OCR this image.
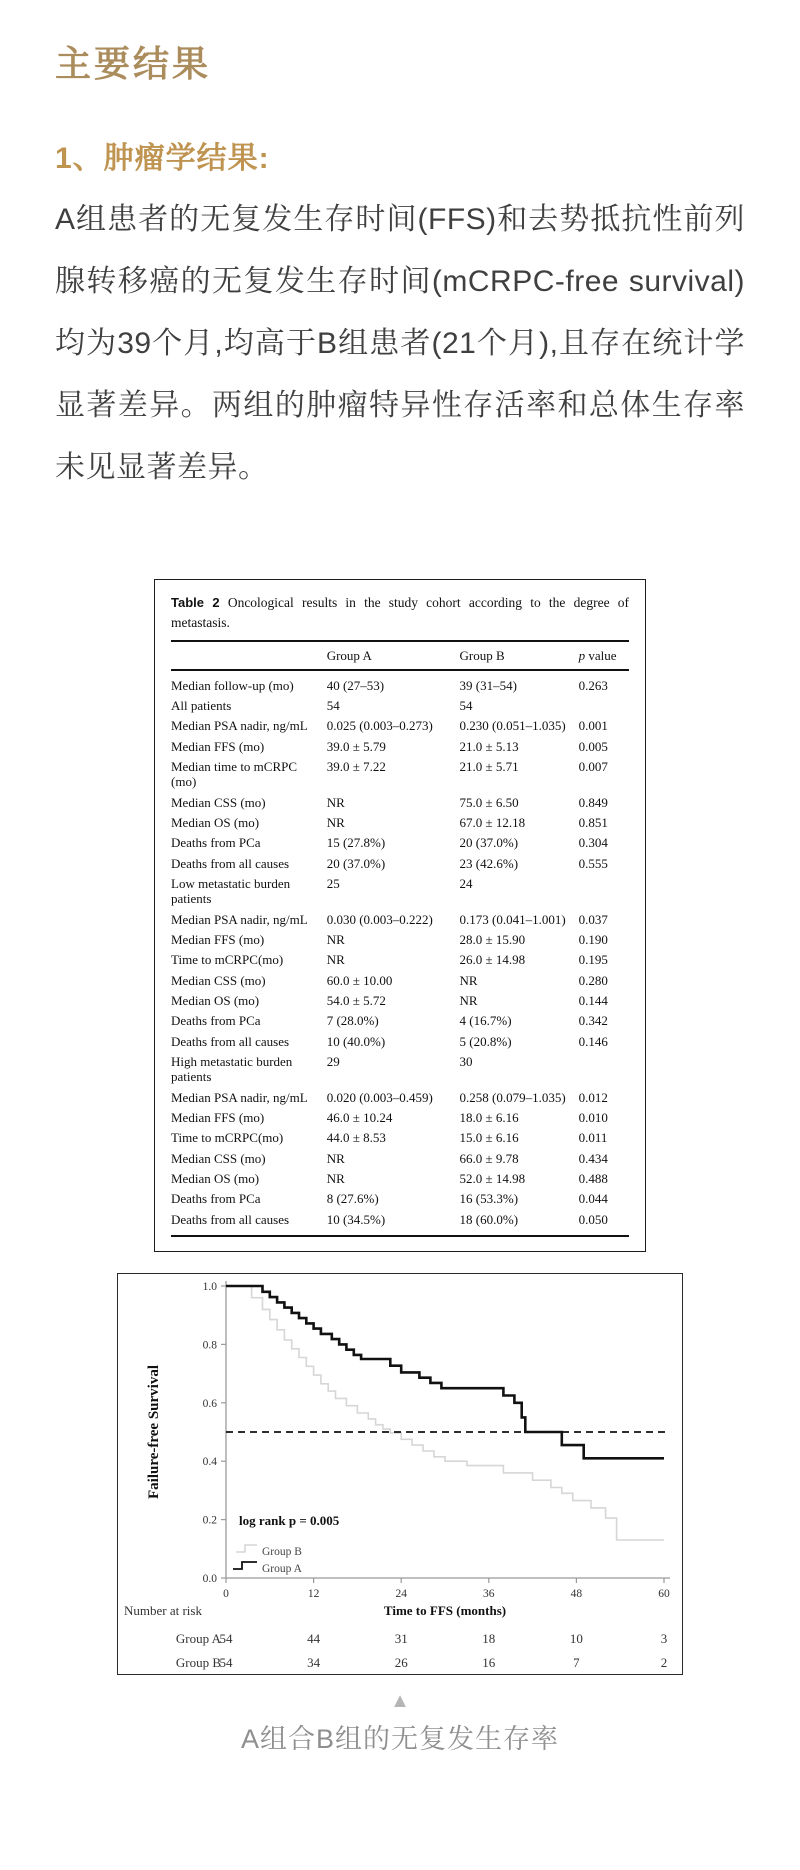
主要结果
1、肿瘤学结果:

A组患者的无复发生存时间(FFS)和去势抵抗性前列腺转移癌的无复发生存时间(mCRPC-free survival)均为39个月,均高于B组患者(21个月),且存在统计学显著差异。两组的肿瘤特异性存活率和总体生存率未见显著差异。

Table 2 Oncological results in the study cohort according to the degree of metastasis.
	Group A	Group B	p value
Median follow-up (mo)	40 (27–53)	39 (31–54)	0.263
All patients	54	54	
Median PSA nadir, ng/mL	0.025 (0.003–0.273)	0.230 (0.051–1.035)	0.001
Median FFS (mo)	39.0 ± 5.79	21.0 ± 5.13	0.005
Median time to mCRPC (mo)	39.0 ± 7.22	21.0 ± 5.71	0.007
Median CSS (mo)	NR	75.0 ± 6.50	0.849
Median OS (mo)	NR	67.0 ± 12.18	0.851
Deaths from PCa	15 (27.8%)	20 (37.0%)	0.304
Deaths from all causes	20 (37.0%)	23 (42.6%)	0.555
Low metastatic burden patients	25	24	
Median PSA nadir, ng/mL	0.030 (0.003–0.222)	0.173 (0.041–1.001)	0.037
Median FFS (mo)	NR	28.0 ± 15.90	0.190
Time to mCRPC(mo)	NR	26.0 ± 14.98	0.195
Median CSS (mo)	60.0 ± 10.00	NR	0.280
Median OS (mo)	54.0 ± 5.72	NR	0.144
Deaths from PCa	7 (28.0%)	4 (16.7%)	0.342
Deaths from all causes	10 (40.0%)	5 (20.8%)	0.146
High metastatic burden patients	29	30	
Median PSA nadir, ng/mL	0.020 (0.003–0.459)	0.258 (0.079–1.035)	0.012
Median FFS (mo)	46.0 ± 10.24	18.0 ± 6.16	0.010
Time to mCRPC(mo)	44.0 ± 8.53	15.0 ± 6.16	0.011
Median CSS (mo)	NR	66.0 ± 9.78	0.434
Median OS (mo)	NR	52.0 ± 14.98	0.488
Deaths from PCa	8 (27.6%)	16 (53.3%)	0.044
Deaths from all causes	10 (34.5%)	18 (60.0%)	0.050
0.0
0.2
0.4
0.6
0.8
1.0
0	12	24	36	48	60
Failure-free Survival
log rank p = 0.005
Group B
Group A
Number at risk	Time to FFS (months)
Group A
54	44	31	18	10	3
Group B
54	34	26	16	7	2
▲
A组合B组的无复发生存率
